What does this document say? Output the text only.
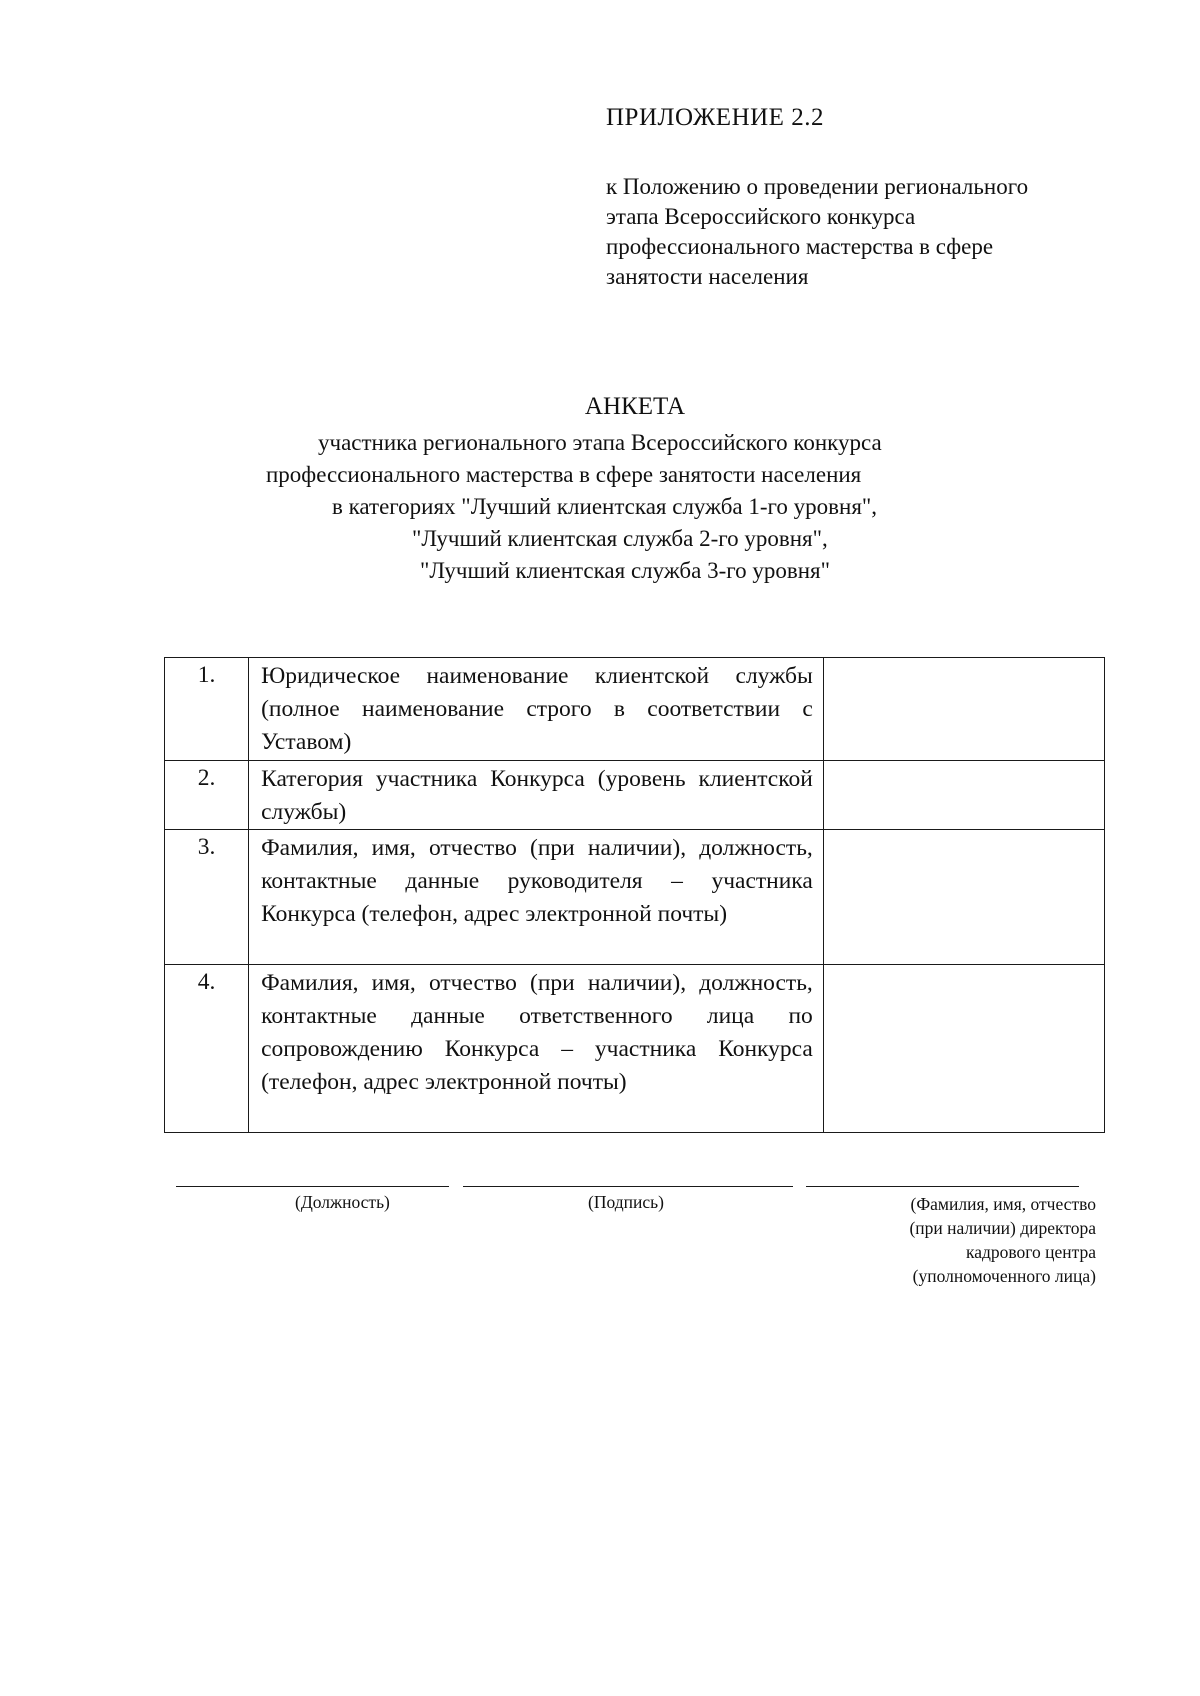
ПРИЛОЖЕНИЕ 2.2
к Положению о проведении регионального
этапа Всероссийского конкурса
профессионального мастерства в сфере
занятости населения
АНКЕТА
участника регионального этапа Всероссийского конкурса
профессионального мастерства в сфере занятости населения
в категориях "Лучший клиентская служба 1-го уровня",
"Лучший клиентская служба 2-го уровня",
"Лучший клиентская служба 3-го уровня"
1.	Юридическое наименование клиентской службы (полное наименование строго в соответствии с Уставом)	
2.	Категория участника Конкурса (уровень клиентской службы)	
3.	Фамилия, имя, отчество (при наличии), должность, контактные данные руководителя – участника Конкурса (телефон, адрес электронной почты)	
4.	Фамилия, имя, отчество (при наличии), должность, контактные данные ответственного лица по сопровождению Конкурса – участника Конкурса (телефон, адрес электронной почты)	
(Должность)	(Подпись)	(Фамилия, имя, отчество
(при наличии) директора
кадрового центра
(уполномоченного лица)
